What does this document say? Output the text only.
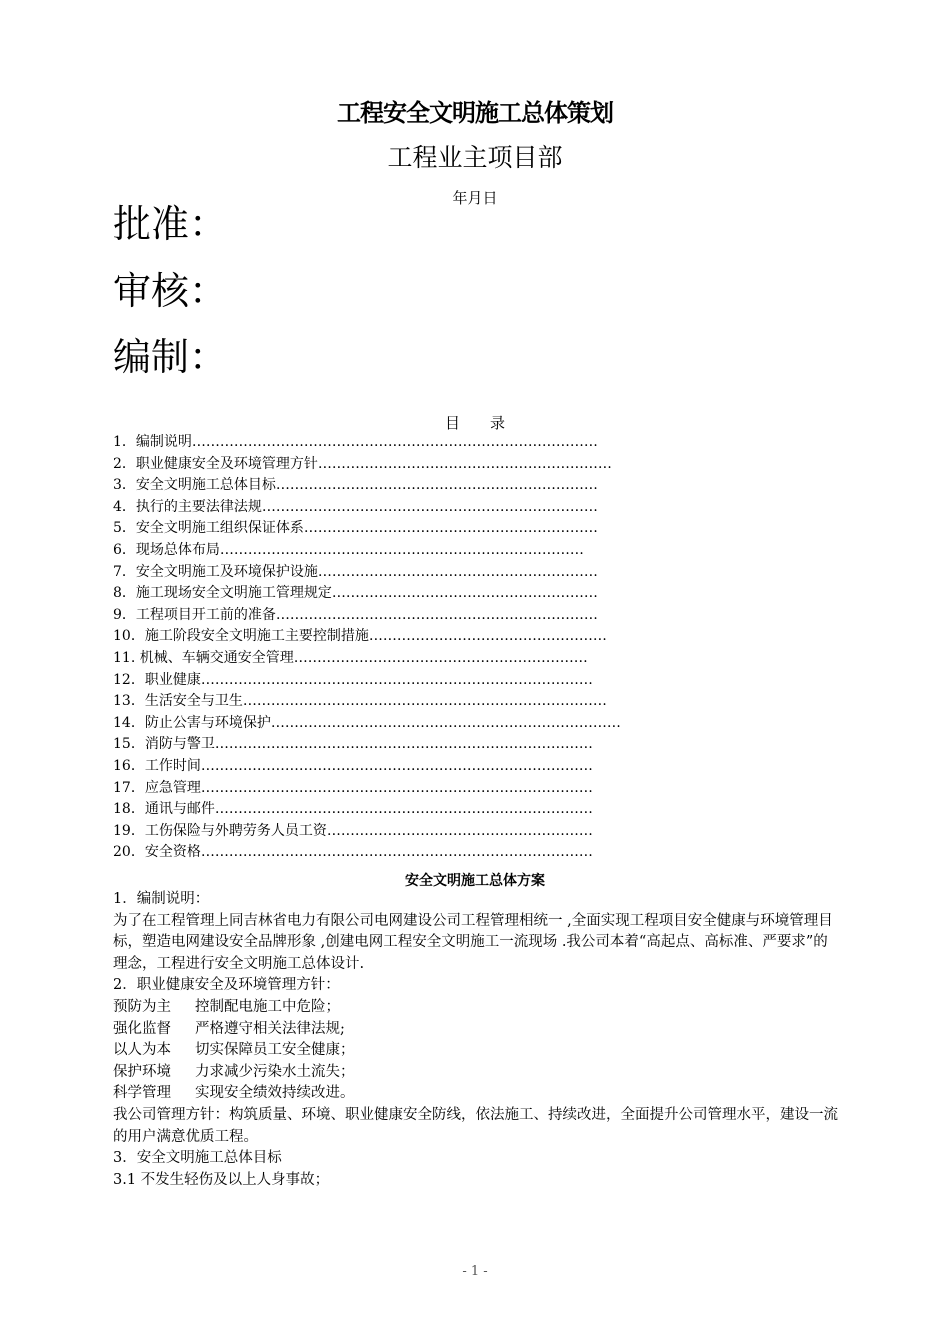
工程安全文明施工总体策划
工程业主项目部
年月日
批准：
审核：
编制：
目录
1．编制说明……………………………………………………………………………
2．职业健康安全及环境管理方针………………………………………………………
3．安全文明施工总体目标……………………………………………………………
4．执行的主要法律法规………………………………………………………………
5．安全文明施工组织保证体系………………………………………………………
6．现场总体布局……………………………………………………………………
7．安全文明施工及环境保护设施……………………………………………………
8．施工现场安全文明施工管理规定…………………………………………………
9．工程项目开工前的准备……………………………………………………………
10．施工阶段安全文明施工主要控制措施……………………………………………
11. 机械、车辆交通安全管理………………………………………………………
12．职业健康…………………………………………………………………………
13．生活安全与卫生……………………………………………………………………
14．防止公害与环境保护…………………………………………………………………
15．消防与警卫………………………………………………………………………
16．工作时间…………………………………………………………………………
17．应急管理…………………………………………………………………………
18．通讯与邮件………………………………………………………………………
19．工伤保险与外聘劳务人员工资…………………………………………………
20．安全资格…………………………………………………………………………
安全文明施工总体方案

1．编制说明：

为了在工程管理上同吉林省电力有限公司电网建设公司工程管理相统一 ,全面实现工程项目安全健康与环境管理目标，塑造电网建设安全品牌形象 ,创建电网工程安全文明施工一流现场 .我公司本着“高起点、高标准、严要求”的理念，工程进行安全文明施工总体设计.

2．职业健康安全及环境管理方针：

预防为主	控制配电施工中危险；
强化监督	严格遵守相关法律法规;
以人为本	切实保障员工安全健康；
保护环境	力求减少污染水土流失；
科学管理	实现安全绩效持续改进。

我公司管理方针：构筑质量、环境、职业健康安全防线，依法施工、持续改进，全面提升公司管理水平，建设一流的用户满意优质工程。

3．安全文明施工总体目标

3.1 不发生轻伤及以上人身事故；

- 1 -
